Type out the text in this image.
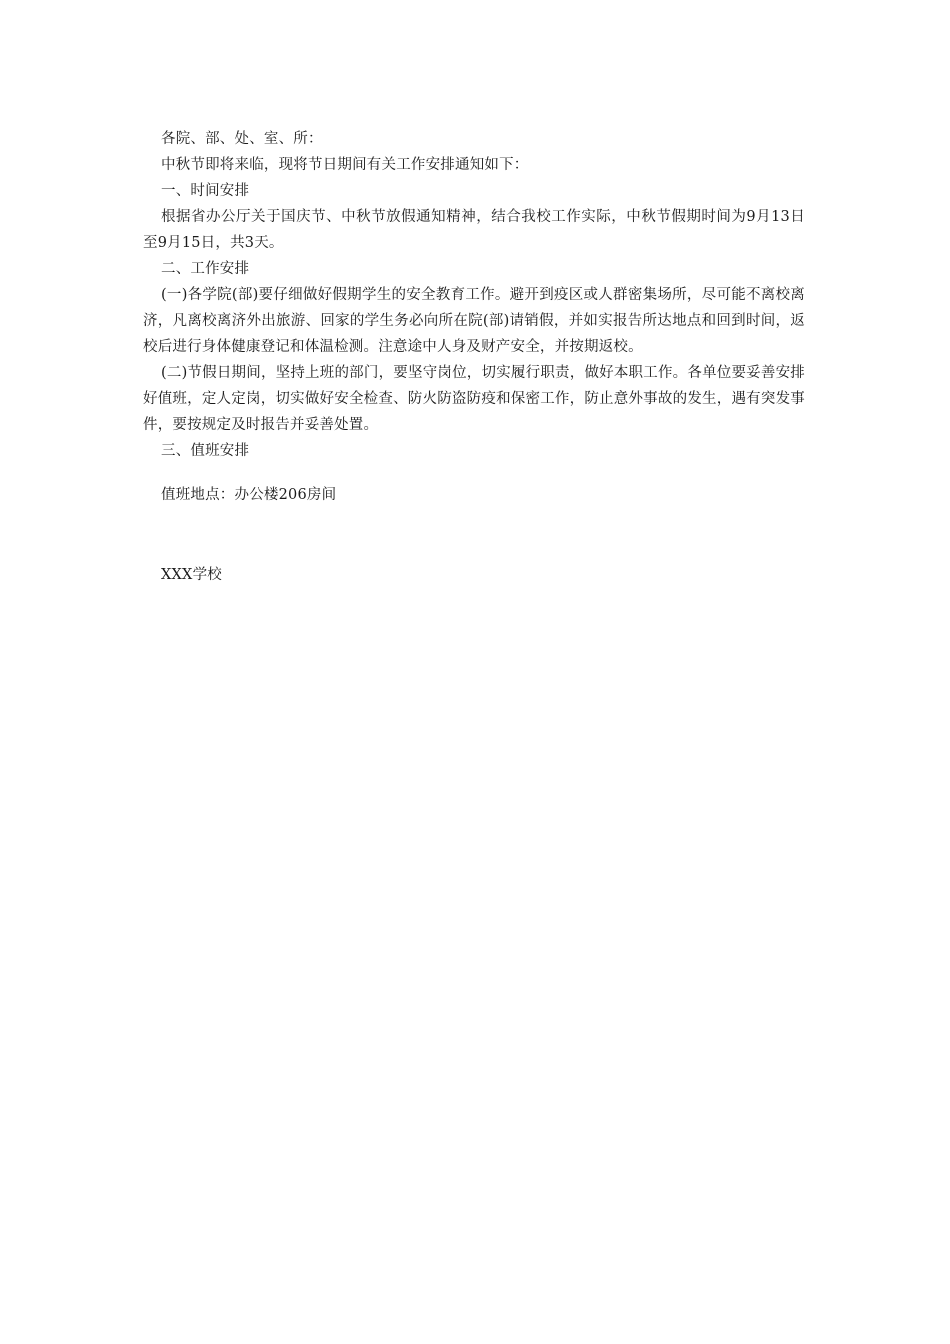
各院、部、处、室、所：

中秋节即将来临，现将节日期间有关工作安排通知如下：

一、时间安排

根据省办公厅关于国庆节、中秋节放假通知精神，结合我校工作实际，中秋节假期时间为9月13日至9月15日，共3天。

二、工作安排

(一)各学院(部)要仔细做好假期学生的安全教育工作。避开到疫区或人群密集场所，尽可能不离校离济，凡离校离济外出旅游、回家的学生务必向所在院(部)请销假，并如实报告所达地点和回到时间，返校后进行身体健康登记和体温检测。注意途中人身及财产安全，并按期返校。

(二)节假日期间，坚持上班的部门，要坚守岗位，切实履行职责，做好本职工作。各单位要妥善安排好值班，定人定岗，切实做好安全检查、防火防盗防疫和保密工作，防止意外事故的发生，遇有突发事件，要按规定及时报告并妥善处置。

三、值班安排

值班地点：办公楼206房间

XXX学校
